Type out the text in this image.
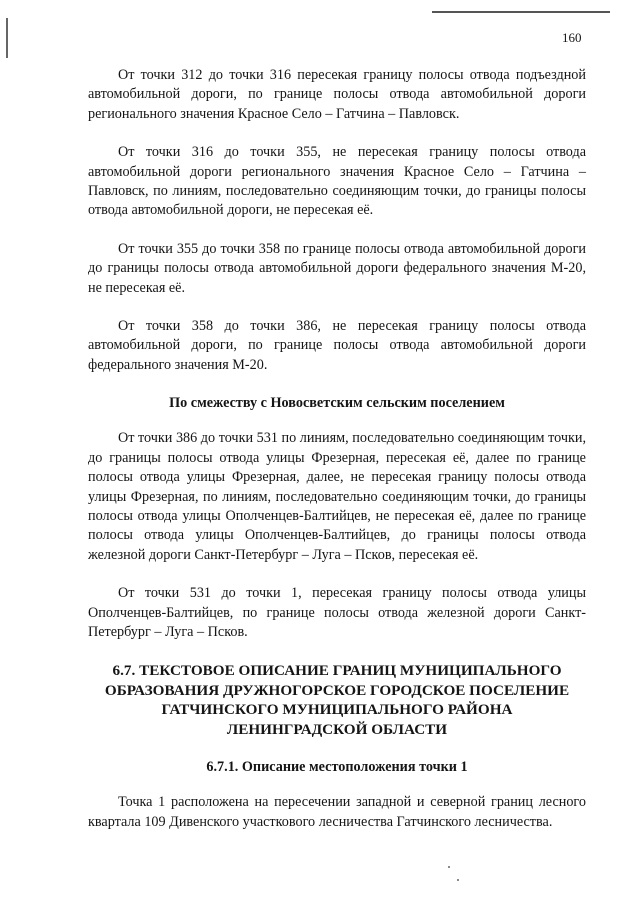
160

От точки 312 до точки 316 пересекая границу полосы отвода подъездной автомобильной дороги, по границе полосы отвода автомобильной дороги регионального значения Красное Село – Гатчина – Павловск.

От точки 316 до точки 355, не пересекая границу полосы отвода автомобильной дороги регионального значения Красное Село – Гатчина – Павловск, по линиям, последовательно соединяющим точки, до границы полосы отвода автомобильной дороги, не пересекая её.

От точки 355 до точки 358 по границе полосы отвода автомобильной дороги до границы полосы отвода автомобильной дороги федерального значения М-20, не пересекая её.

От точки 358 до точки 386, не пересекая границу полосы отвода автомобильной дороги, по границе полосы отвода автомобильной дороги федерального значения М-20.

По смежеству с Новосветским сельским поселением

От точки 386 до точки 531 по линиям, последовательно соединяющим точки, до границы полосы отвода улицы Фрезерная, пересекая её, далее по границе полосы отвода улицы Фрезерная, далее, не пересекая границу полосы отвода улицы Фрезерная, по линиям, последовательно соединяющим точки, до границы полосы отвода улицы Ополченцев-Балтийцев, не пересекая её, далее по границе полосы отвода улицы Ополченцев-Балтийцев, до границы полосы отвода железной дороги Санкт-Петербург – Луга – Псков, пересекая её.

От точки 531 до точки 1, пересекая границу полосы отвода улицы Ополченцев-Балтийцев, по границе полосы отвода железной дороги Санкт-Петербург – Луга – Псков.

6.7. ТЕКСТОВОЕ ОПИСАНИЕ ГРАНИЦ МУНИЦИПАЛЬНОГО ОБРАЗОВАНИЯ ДРУЖНОГОРСКОЕ ГОРОДСКОЕ ПОСЕЛЕНИЕ ГАТЧИНСКОГО МУНИЦИПАЛЬНОГО РАЙОНА ЛЕНИНГРАДСКОЙ ОБЛАСТИ
6.7.1. Описание местоположения точки 1

Точка 1 расположена на пересечении западной и северной границ лесного квартала 109 Дивенского участкового лесничества Гатчинского лесничества.
